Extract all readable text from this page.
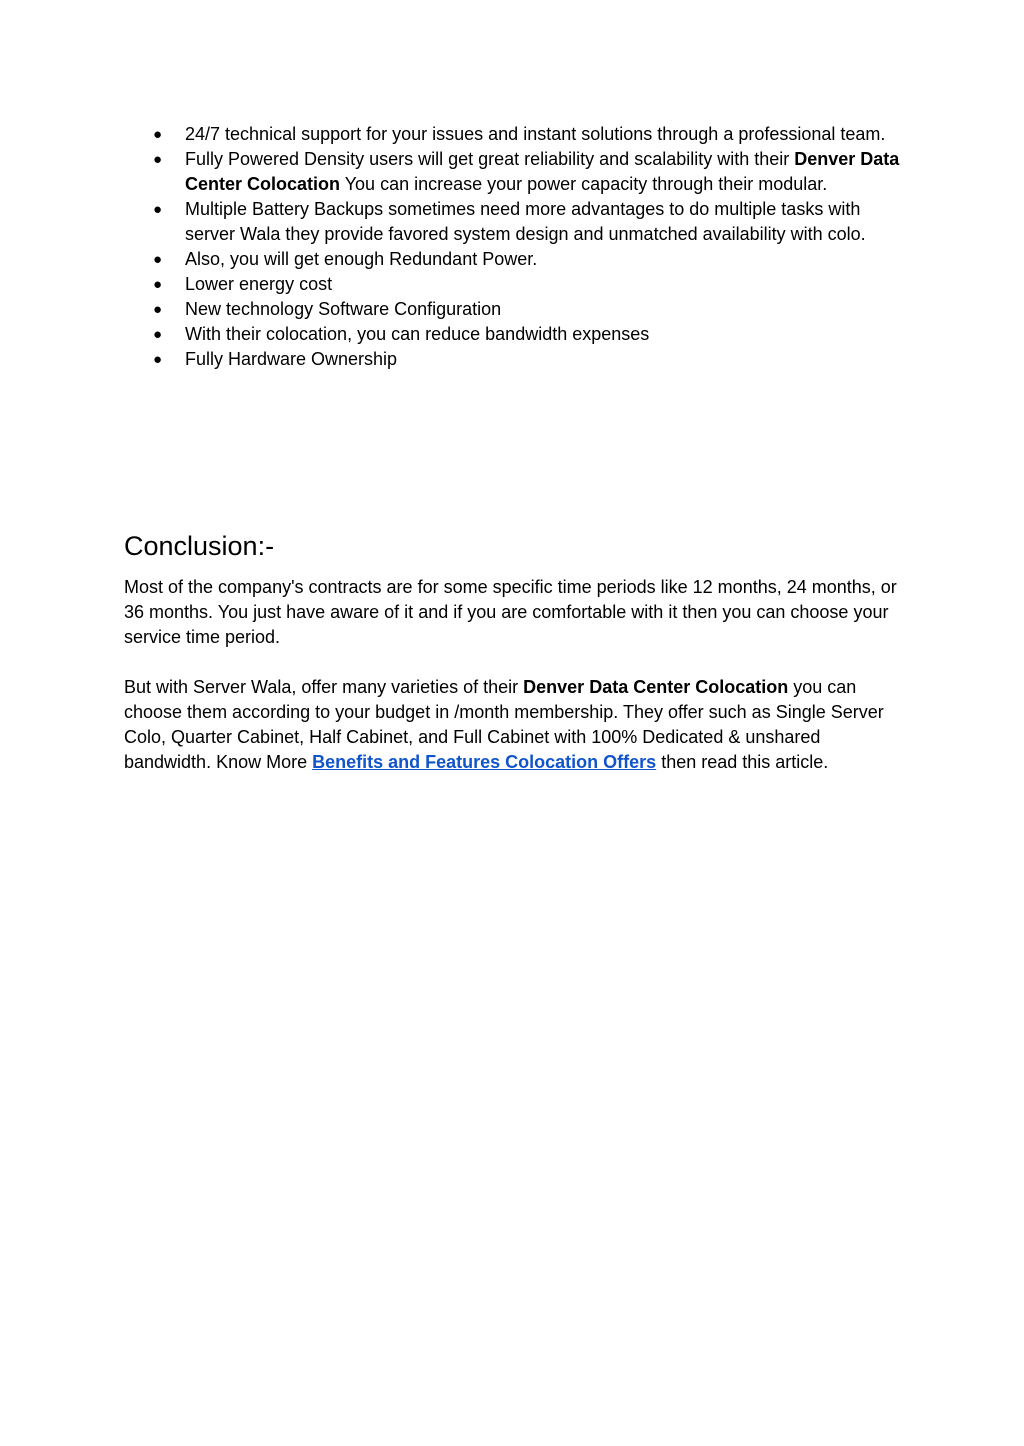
● 24/7 technical support for your issues and instant solutions through a professional team.
● Fully Powered Density users will get great reliability and scalability with their Denver Data Center Colocation You can increase your power capacity through their modular.
● Multiple Battery Backups sometimes need more advantages to do multiple tasks with server Wala they provide favored system design and unmatched availability with colo.
● Also, you will get enough Redundant Power.
● Lower energy cost
● New technology Software Configuration
● With their colocation, you can reduce bandwidth expenses
● Fully Hardware Ownership
Conclusion:-

Most of the company's contracts are for some specific time periods like 12 months, 24 months, or 36 months. You just have aware of it and if you are comfortable with it then you can choose your service time period.

But with Server Wala, offer many varieties of their Denver Data Center Colocation you can choose them according to your budget in /month membership. They offer such as Single Server Colo, Quarter Cabinet, Half Cabinet, and Full Cabinet with 100% Dedicated & unshared bandwidth. Know More Benefits and Features Colocation Offers then read this article.
